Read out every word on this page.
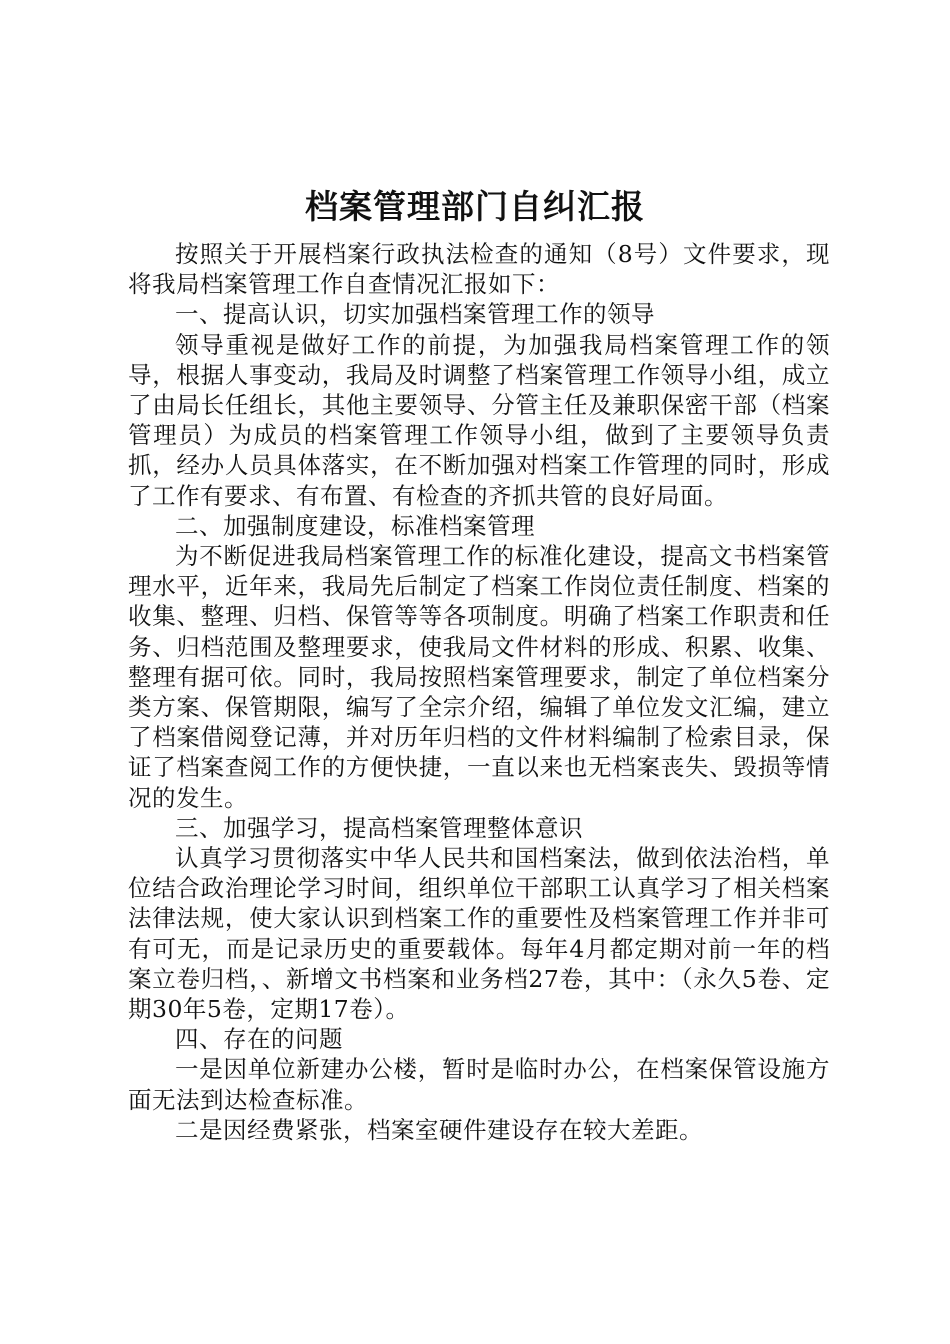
档案管理部门自纠汇报

按照关于开展档案行政执法检查的通知（8号）文件要求，现将我局档案管理工作自查情况汇报如下：

一、提高认识，切实加强档案管理工作的领导

领导重视是做好工作的前提，为加强我局档案管理工作的领导，根据人事变动，我局及时调整了档案管理工作领导小组，成立了由局长任组长，其他主要领导、分管主任及兼职保密干部（档案管理员）为成员的档案管理工作领导小组，做到了主要领导负责抓，经办人员具体落实，在不断加强对档案工作管理的同时，形成了工作有要求、有布置、有检查的齐抓共管的良好局面。

二、加强制度建设，标准档案管理

为不断促进我局档案管理工作的标准化建设，提高文书档案管理水平，近年来，我局先后制定了档案工作岗位责任制度、档案的收集、整理、归档、保管等等各项制度。明确了档案工作职责和任务、归档范围及整理要求，使我局文件材料的形成、积累、收集、整理有据可依。同时，我局按照档案管理要求，制定了单位档案分类方案、保管期限，编写了全宗介绍，编辑了单位发文汇编，建立了档案借阅登记薄，并对历年归档的文件材料编制了检索目录，保证了档案查阅工作的方便快捷，一直以来也无档案丧失、毁损等情况的发生。

三、加强学习，提高档案管理整体意识

认真学习贯彻落实中华人民共和国档案法，做到依法治档，单位结合政治理论学习时间，组织单位干部职工认真学习了相关档案法律法规，使大家认识到档案工作的重要性及档案管理工作并非可有可无，而是记录历史的重要载体。每年4月都定期对前一年的档案立卷归档，、新增文书档案和业务档27卷，其中：（永久5卷、定期30年5卷，定期17卷）。

四、存在的问题

一是因单位新建办公楼，暂时是临时办公，在档案保管设施方面无法到达检查标准。

二是因经费紧张，档案室硬件建设存在较大差距。
